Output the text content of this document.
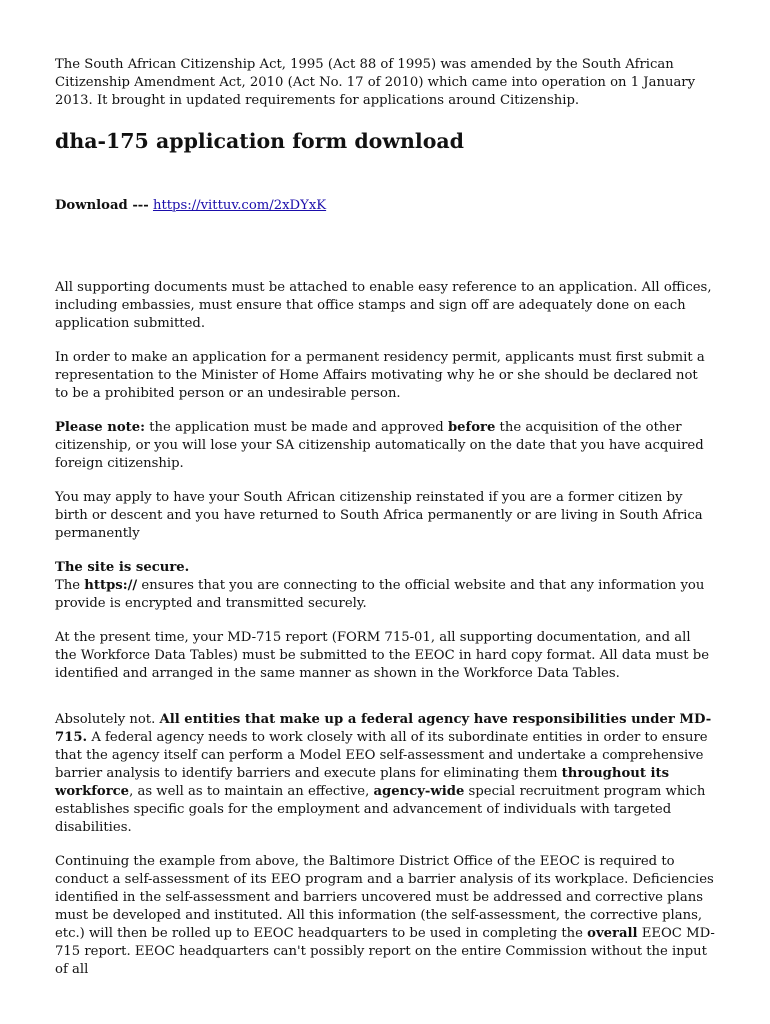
The South African Citizenship Act, 1995 (Act 88 of 1995) was amended by the South African Citizenship Amendment Act, 2010 (Act No. 17 of 2010) which came into operation on 1 January 2013. It brought in updated requirements for applications around Citizenship.

dha-175 application form download

Download --- https://vittuv.com/2xDYxK

All supporting documents must be attached to enable easy reference to an application. All offices, including embassies, must ensure that office stamps and sign off are adequately done on each application submitted.

In order to make an application for a permanent residency permit, applicants must first submit a representation to the Minister of Home Affairs motivating why he or she should be declared not to be a prohibited person or an undesirable person.

Please note: the application must be made and approved before the acquisition of the other citizenship, or you will lose your SA citizenship automatically on the date that you have acquired foreign citizenship.

You may apply to have your South African citizenship reinstated if you are a former citizen by birth or descent and you have returned to South Africa permanently or are living in South Africa permanently

The site is secure.

The https:// ensures that you are connecting to the official website and that any information you provide is encrypted and transmitted securely.

At the present time, your MD-715 report (FORM 715-01, all supporting documentation, and all the Workforce Data Tables) must be submitted to the EEOC in hard copy format. All data must be identified and arranged in the same manner as shown in the Workforce Data Tables.

Absolutely not. All entities that make up a federal agency have responsibilities under MD-715. A federal agency needs to work closely with all of its subordinate entities in order to ensure that the agency itself can perform a Model EEO self-assessment and undertake a comprehensive barrier analysis to identify barriers and execute plans for eliminating them throughout its workforce, as well as to maintain an effective, agency-wide special recruitment program which establishes specific goals for the employment and advancement of individuals with targeted disabilities.

Continuing the example from above, the Baltimore District Office of the EEOC is required to conduct a self-assessment of its EEO program and a barrier analysis of its workplace. Deficiencies identified in the self-assessment and barriers uncovered must be addressed and corrective plans must be developed and instituted. All this information (the self-assessment, the corrective plans, etc.) will then be rolled up to EEOC headquarters to be used in completing the overall EEOC MD-715 report. EEOC headquarters can't possibly report on the entire Commission without the input of all
